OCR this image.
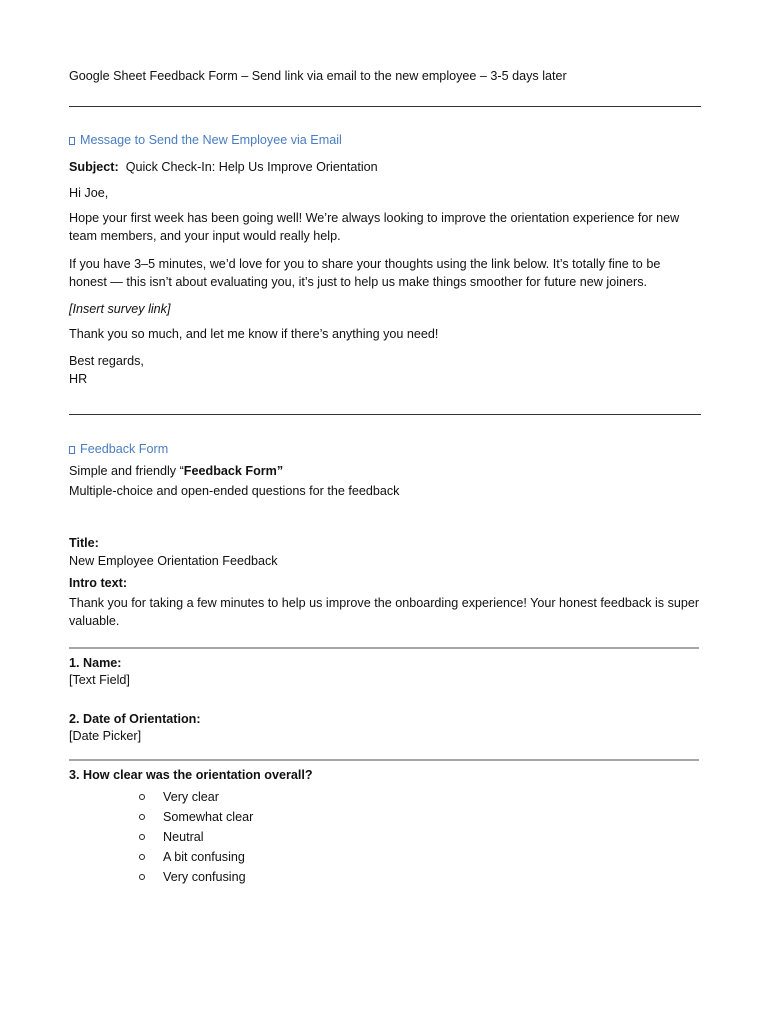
Google Sheet Feedback Form – Send link via email to the new employee – 3-5 days later

Message to Send the New Employee via Email

Subject: Quick Check-In: Help Us Improve Orientation

Hi Joe,

Hope your first week has been going well! We’re always looking to improve the orientation experience for new team members, and your input would really help.

If you have 3–5 minutes, we’d love for you to share your thoughts using the link below. It’s totally fine to be honest — this isn’t about evaluating you, it’s just to help us make things smoother for future new joiners.

[Insert survey link]

Thank you so much, and let me know if there’s anything you need!

Best regards,

HR

Feedback Form

Simple and friendly “Feedback Form”

Multiple-choice and open-ended questions for the feedback

Title:

New Employee Orientation Feedback

Intro text:

Thank you for taking a few minutes to help us improve the onboarding experience! Your honest feedback is super valuable.

1. Name:

[Text Field]

2. Date of Orientation:

[Date Picker]

3. How clear was the orientation overall?

Very clear
Somewhat clear
Neutral
A bit confusing
Very confusing
